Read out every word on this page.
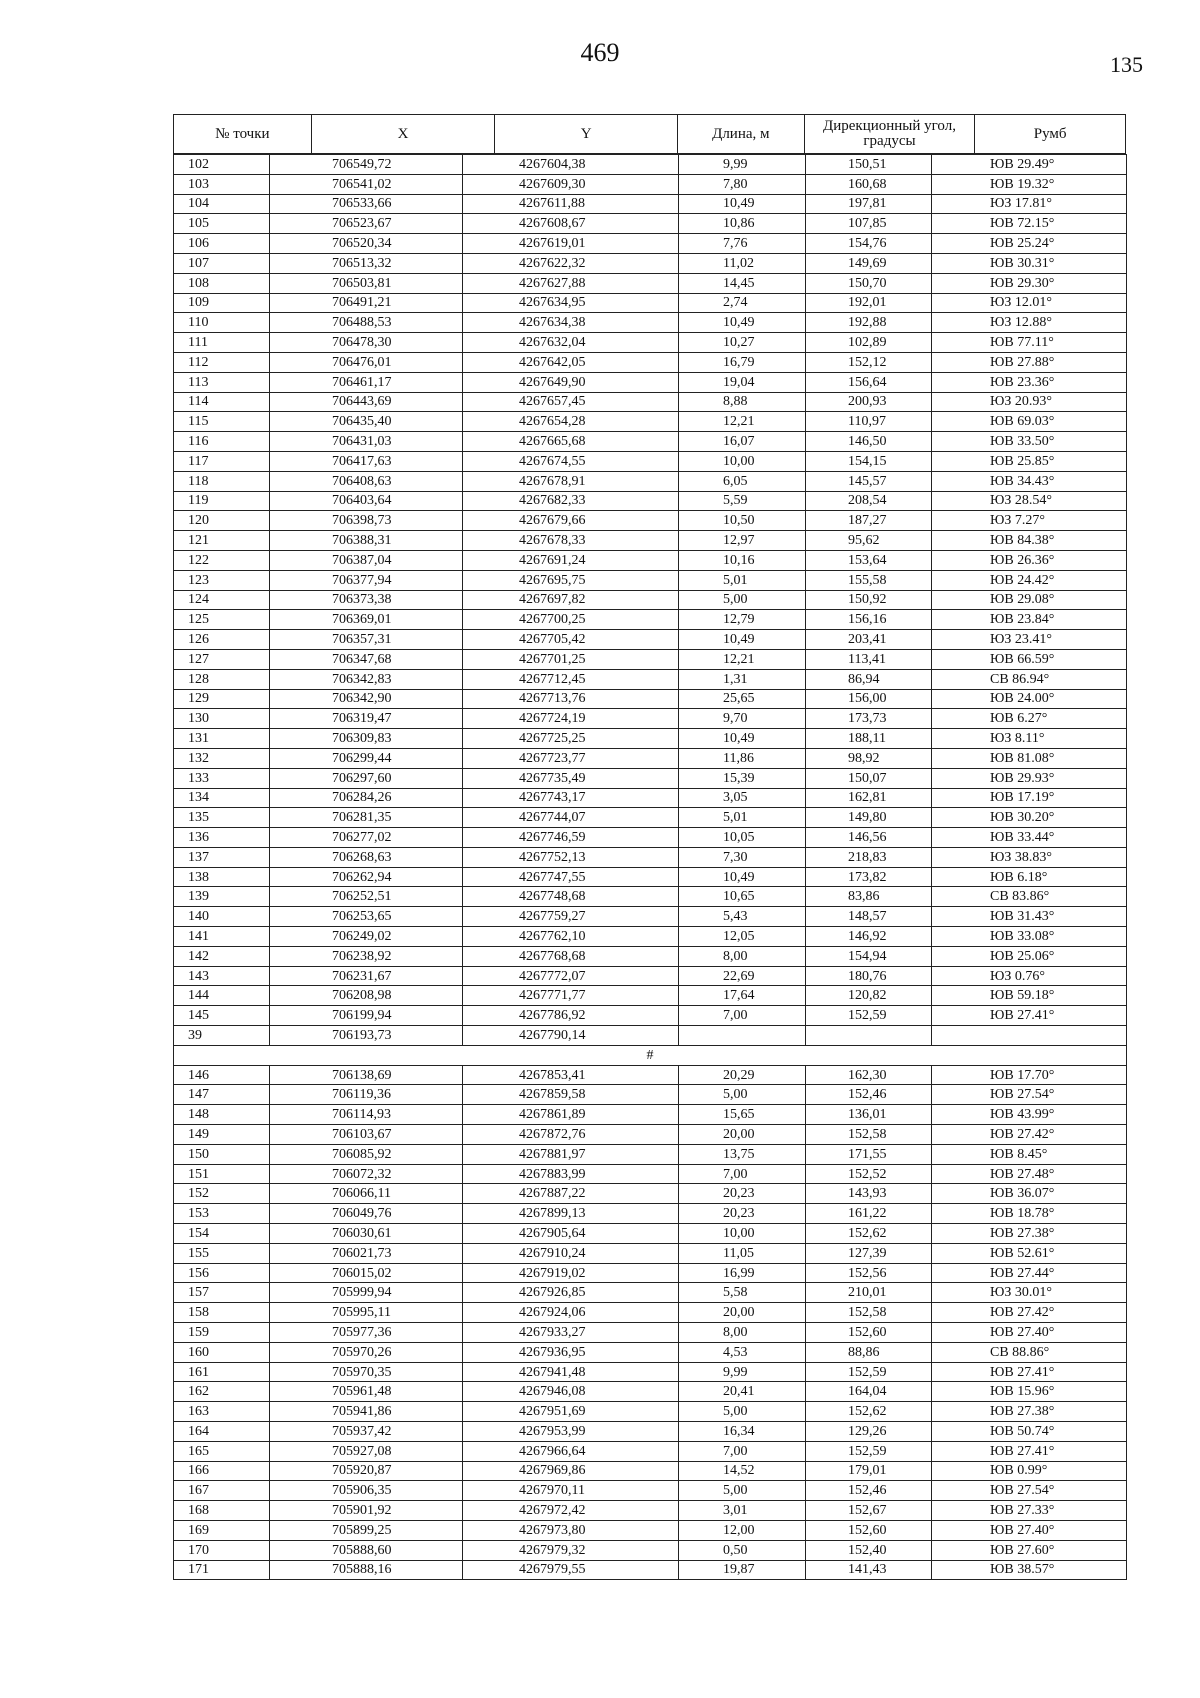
469	135
№ точки	X	Y	Длина, м	Дирекционный угол, градусы	Румб
102	706549,72	4267604,38	9,99	150,51	ЮВ 29.49°
103	706541,02	4267609,30	7,80	160,68	ЮВ 19.32°
104	706533,66	4267611,88	10,49	197,81	ЮЗ 17.81°
105	706523,67	4267608,67	10,86	107,85	ЮВ 72.15°
106	706520,34	4267619,01	7,76	154,76	ЮВ 25.24°
107	706513,32	4267622,32	11,02	149,69	ЮВ 30.31°
108	706503,81	4267627,88	14,45	150,70	ЮВ 29.30°
109	706491,21	4267634,95	2,74	192,01	ЮЗ 12.01°
110	706488,53	4267634,38	10,49	192,88	ЮЗ 12.88°
111	706478,30	4267632,04	10,27	102,89	ЮВ 77.11°
112	706476,01	4267642,05	16,79	152,12	ЮВ 27.88°
113	706461,17	4267649,90	19,04	156,64	ЮВ 23.36°
114	706443,69	4267657,45	8,88	200,93	ЮЗ 20.93°
115	706435,40	4267654,28	12,21	110,97	ЮВ 69.03°
116	706431,03	4267665,68	16,07	146,50	ЮВ 33.50°
117	706417,63	4267674,55	10,00	154,15	ЮВ 25.85°
118	706408,63	4267678,91	6,05	145,57	ЮВ 34.43°
119	706403,64	4267682,33	5,59	208,54	ЮЗ 28.54°
120	706398,73	4267679,66	10,50	187,27	ЮЗ 7.27°
121	706388,31	4267678,33	12,97	95,62	ЮВ 84.38°
122	706387,04	4267691,24	10,16	153,64	ЮВ 26.36°
123	706377,94	4267695,75	5,01	155,58	ЮВ 24.42°
124	706373,38	4267697,82	5,00	150,92	ЮВ 29.08°
125	706369,01	4267700,25	12,79	156,16	ЮВ 23.84°
126	706357,31	4267705,42	10,49	203,41	ЮЗ 23.41°
127	706347,68	4267701,25	12,21	113,41	ЮВ 66.59°
128	706342,83	4267712,45	1,31	86,94	СВ 86.94°
129	706342,90	4267713,76	25,65	156,00	ЮВ 24.00°
130	706319,47	4267724,19	9,70	173,73	ЮВ 6.27°
131	706309,83	4267725,25	10,49	188,11	ЮЗ 8.11°
132	706299,44	4267723,77	11,86	98,92	ЮВ 81.08°
133	706297,60	4267735,49	15,39	150,07	ЮВ 29.93°
134	706284,26	4267743,17	3,05	162,81	ЮВ 17.19°
135	706281,35	4267744,07	5,01	149,80	ЮВ 30.20°
136	706277,02	4267746,59	10,05	146,56	ЮВ 33.44°
137	706268,63	4267752,13	7,30	218,83	ЮЗ 38.83°
138	706262,94	4267747,55	10,49	173,82	ЮВ 6.18°
139	706252,51	4267748,68	10,65	83,86	СВ 83.86°
140	706253,65	4267759,27	5,43	148,57	ЮВ 31.43°
141	706249,02	4267762,10	12,05	146,92	ЮВ 33.08°
142	706238,92	4267768,68	8,00	154,94	ЮВ 25.06°
143	706231,67	4267772,07	22,69	180,76	ЮЗ 0.76°
144	706208,98	4267771,77	17,64	120,82	ЮВ 59.18°
145	706199,94	4267786,92	7,00	152,59	ЮВ 27.41°
39	706193,73	4267790,14			
#					
146	706138,69	4267853,41	20,29	162,30	ЮВ 17.70°
147	706119,36	4267859,58	5,00	152,46	ЮВ 27.54°
148	706114,93	4267861,89	15,65	136,01	ЮВ 43.99°
149	706103,67	4267872,76	20,00	152,58	ЮВ 27.42°
150	706085,92	4267881,97	13,75	171,55	ЮВ 8.45°
151	706072,32	4267883,99	7,00	152,52	ЮВ 27.48°
152	706066,11	4267887,22	20,23	143,93	ЮВ 36.07°
153	706049,76	4267899,13	20,23	161,22	ЮВ 18.78°
154	706030,61	4267905,64	10,00	152,62	ЮВ 27.38°
155	706021,73	4267910,24	11,05	127,39	ЮВ 52.61°
156	706015,02	4267919,02	16,99	152,56	ЮВ 27.44°
157	705999,94	4267926,85	5,58	210,01	ЮЗ 30.01°
158	705995,11	4267924,06	20,00	152,58	ЮВ 27.42°
159	705977,36	4267933,27	8,00	152,60	ЮВ 27.40°
160	705970,26	4267936,95	4,53	88,86	СВ 88.86°
161	705970,35	4267941,48	9,99	152,59	ЮВ 27.41°
162	705961,48	4267946,08	20,41	164,04	ЮВ 15.96°
163	705941,86	4267951,69	5,00	152,62	ЮВ 27.38°
164	705937,42	4267953,99	16,34	129,26	ЮВ 50.74°
165	705927,08	4267966,64	7,00	152,59	ЮВ 27.41°
166	705920,87	4267969,86	14,52	179,01	ЮВ 0.99°
167	705906,35	4267970,11	5,00	152,46	ЮВ 27.54°
168	705901,92	4267972,42	3,01	152,67	ЮВ 27.33°
169	705899,25	4267973,80	12,00	152,60	ЮВ 27.40°
170	705888,60	4267979,32	0,50	152,40	ЮВ 27.60°
171	705888,16	4267979,55	19,87	141,43	ЮВ 38.57°
